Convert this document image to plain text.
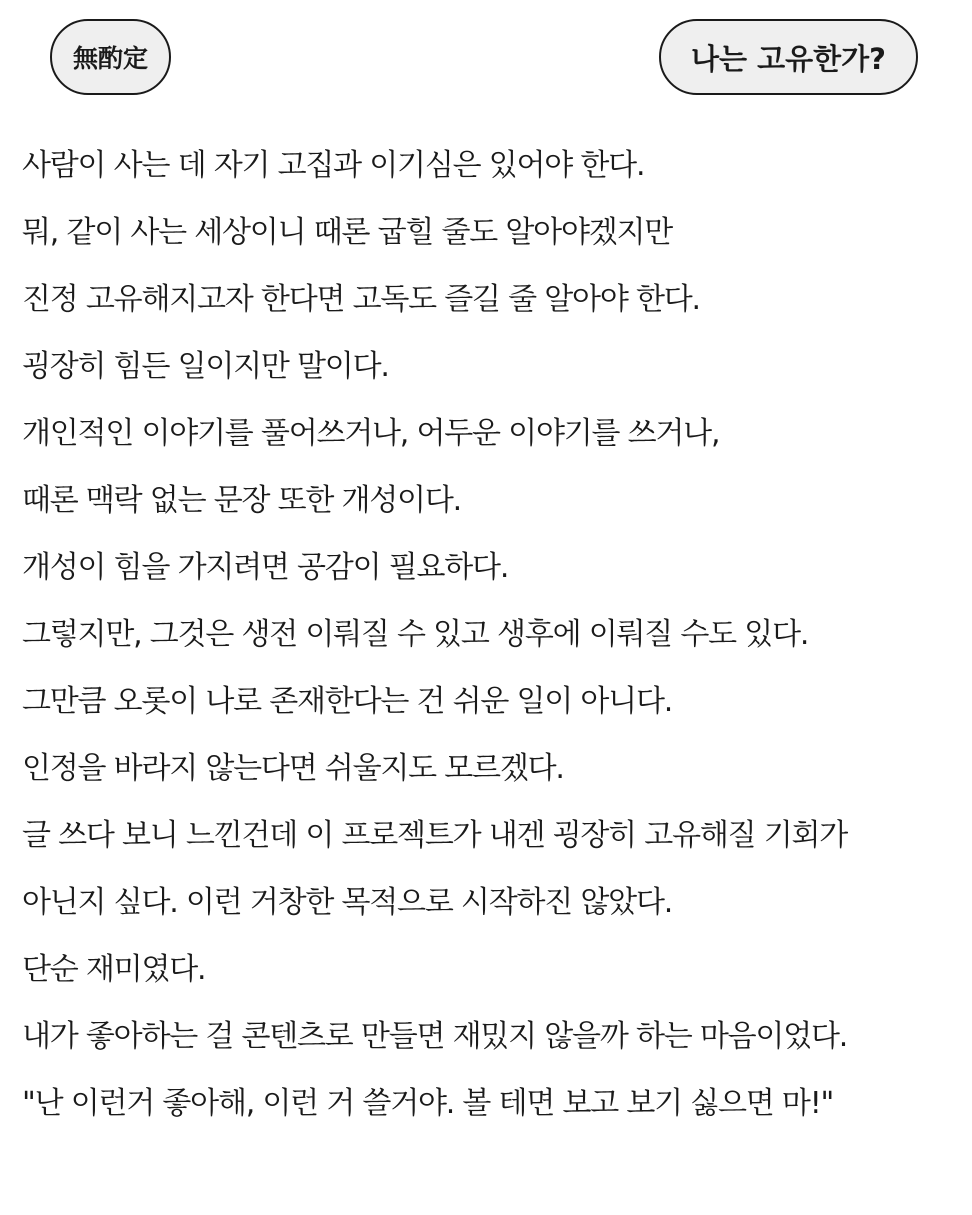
無酌定	나는 고유한가?
사람이 사는 데 자기 고집과 이기심은 있어야 한다.
뭐, 같이 사는 세상이니 때론 굽힐 줄도 알아야겠지만
진정 고유해지고자 한다면 고독도 즐길 줄 알아야 한다.
굉장히 힘든 일이지만 말이다.
개인적인 이야기를 풀어쓰거나, 어두운 이야기를 쓰거나,
때론 맥락 없는 문장 또한 개성이다.
개성이 힘을 가지려면 공감이 필요하다.
그렇지만, 그것은 생전 이뤄질 수 있고 생후에 이뤄질 수도 있다.
그만큼 오롯이 나로 존재한다는 건 쉬운 일이 아니다.
인정을 바라지 않는다면 쉬울지도 모르겠다.
글 쓰다 보니 느낀건데 이 프로젝트가 내겐 굉장히 고유해질 기회가
아닌지 싶다. 이런 거창한 목적으로 시작하진 않았다.
단순 재미였다.
내가 좋아하는 걸 콘텐츠로 만들면 재밌지 않을까 하는 마음이었다.
"난 이런거 좋아해, 이런 거 쓸거야. 볼 테면 보고 보기 싫으면 마!"
